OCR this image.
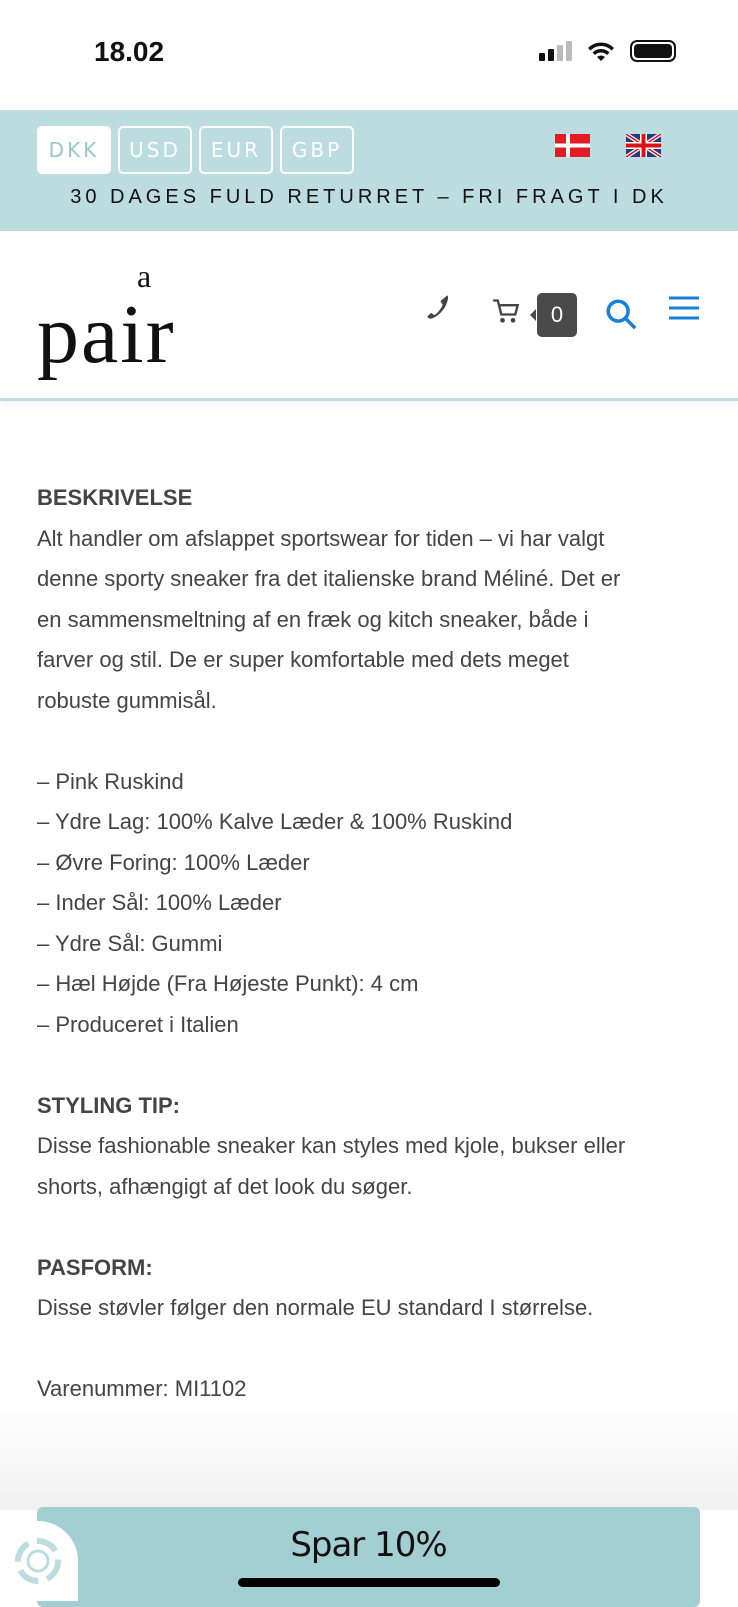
18.02
DKK	USD	EUR	GBP
30 DAGES FULD RETURRET – FRI FRAGT I DK
a
pair	0
BESKRIVELSE
Alt handler om afslappet sportswear for tiden – vi har valgt
denne sporty sneaker fra det italienske brand Méliné. Det er
en sammensmeltning af en fræk og kitch sneaker, både i
farver og stil. De er super komfortable med dets meget
robuste gummisål.
– Pink Ruskind
– Ydre Lag: 100% Kalve Læder & 100% Ruskind
– Øvre Foring: 100% Læder
– Inder Sål: 100% Læder
– Ydre Sål: Gummi
– Hæl Højde (Fra Højeste Punkt): 4 cm
– Produceret i Italien
STYLING TIP:
Disse fashionable sneaker kan styles med kjole, bukser eller
shorts, afhængigt af det look du søger.
PASFORM:
Disse støvler følger den normale EU standard I størrelse.
Varenummer: MI1102
Spar 10%
